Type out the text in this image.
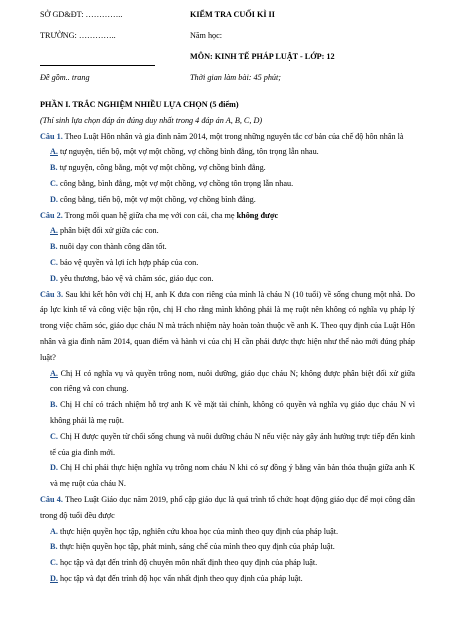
SỞ GD&ĐT: …………..
TRƯỜNG: …………..
Đề gồm.. trang
KIỂM TRA CUỐI KÌ II
Năm học:
MÔN: KINH TẾ PHÁP LUẬT - LỚP: 12
Thời gian làm bài: 45 phút;

PHẦN I. TRẮC NGHIỆM NHIỀU LỰA CHỌN (5 điểm)

(Thí sinh lựa chọn đáp án đúng duy nhất trong 4 đáp án A, B, C, D)

Câu 1. Theo Luật Hôn nhân và gia đình năm 2014, một trong những nguyên tắc cơ bản của chế độ hôn nhân là

A. tự nguyện, tiến bộ, một vợ một chồng, vợ chồng bình đẳng, tôn trọng lẫn nhau.

B. tự nguyện, công bằng, một vợ một chồng, vợ chồng bình đẳng.

C. công bằng, bình đẳng, một vợ một chồng, vợ chồng tôn trọng lẫn nhau.

D. công bằng, tiến bộ, một vợ một chồng, vợ chồng bình đẳng.

Câu 2. Trong mối quan hệ giữa cha mẹ với con cái, cha mẹ không được

A. phân biệt đối xử giữa các con.

B. nuôi dạy con thành công dân tốt.

C. bảo vệ quyền và lợi ích hợp pháp của con.

D. yêu thương, bảo vệ và chăm sóc, giáo dục con.

Câu 3. Sau khi kết hôn với chị H, anh K đưa con riêng của mình là cháu N (10 tuổi) về sống chung một nhà. Do áp lực kinh tế và công việc bận rộn, chị H cho rằng mình không phải là mẹ ruột nên không có nghĩa vụ pháp lý trong việc chăm sóc, giáo dục cháu N mà trách nhiệm này hoàn toàn thuộc về anh K. Theo quy định của Luật Hôn nhân và gia đình năm 2014, quan điểm và hành vi của chị H cần phải được thực hiện như thế nào mới đúng pháp luật?

A. Chị H có nghĩa vụ và quyền trông nom, nuôi dưỡng, giáo dục cháu N; không được phân biệt đối xử giữa con riêng và con chung.

B. Chị H chỉ có trách nhiệm hỗ trợ anh K về mặt tài chính, không có quyền và nghĩa vụ giáo dục cháu N vì không phải là mẹ ruột.

C. Chị H được quyền từ chối sống chung và nuôi dưỡng cháu N nếu việc này gây ảnh hưởng trực tiếp đến kinh tế của gia đình mới.

D. Chị H chỉ phải thực hiện nghĩa vụ trông nom cháu N khi có sự đồng ý bằng văn bản thỏa thuận giữa anh K và mẹ ruột của cháu N.

Câu 4. Theo Luật Giáo dục năm 2019, phổ cập giáo dục là quá trình tổ chức hoạt động giáo dục để mọi công dân trong độ tuổi đều được

A. thực hiện quyền học tập, nghiên cứu khoa học của mình theo quy định của pháp luật.

B. thực hiện quyền học tập, phát minh, sáng chế của mình theo quy định của pháp luật.

C. học tập và đạt đến trình độ chuyên môn nhất định theo quy định của pháp luật.

D. học tập và đạt đến trình độ học vấn nhất định theo quy định của pháp luật.
